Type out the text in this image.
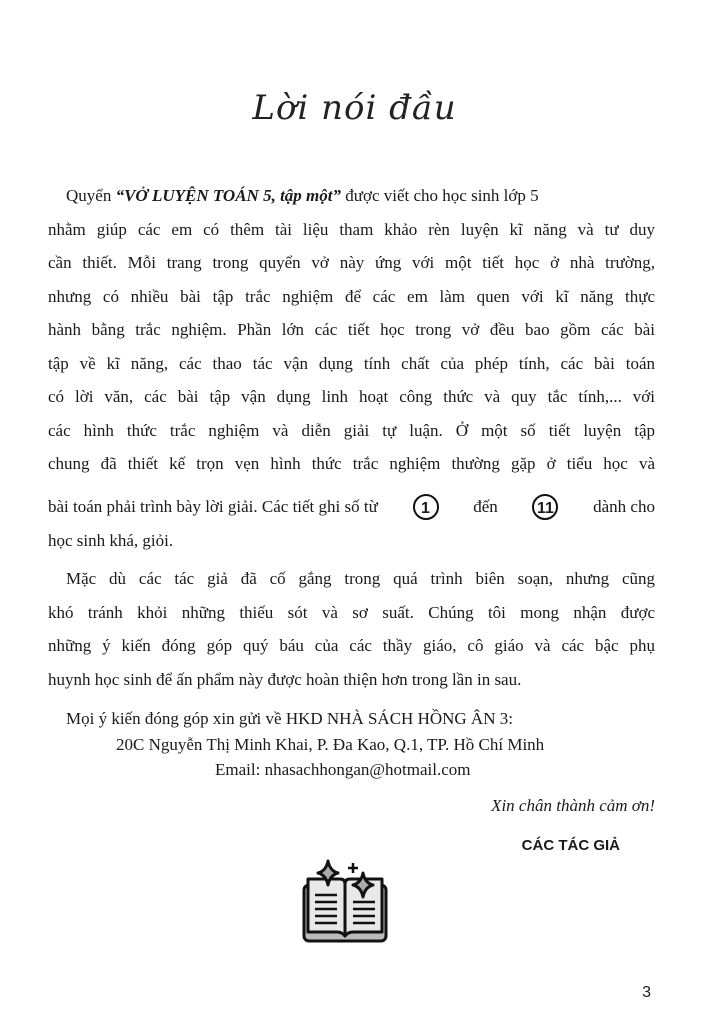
Lời nói đầu
Quyển “VỞ LUYỆN TOÁN 5, tập một” được viết cho học sinh lớp 5
nhằm giúp các em có thêm tài liệu tham khảo rèn luyện kĩ năng và tư duy
cần thiết. Mỗi trang trong quyển vở này ứng với một tiết học ở nhà trường,
nhưng có nhiều bài tập trắc nghiệm để các em làm quen với kĩ năng thực
hành bằng trắc nghiệm. Phần lớn các tiết học trong vở đều bao gồm các bài
tập về kĩ năng, các thao tác vận dụng tính chất của phép tính, các bài toán
có lời văn, các bài tập vận dụng linh hoạt công thức và quy tắc tính,... với
các hình thức trắc nghiệm và diễn giải tự luận. Ở một số tiết luyện tập
chung đã thiết kế trọn vẹn hình thức trắc nghiệm thường gặp ở tiểu học và
bài toán phải trình bày lời giải. Các tiết ghi số từ	1	đến 11 dành cho
học sinh khá, giỏi.
Mặc dù các tác giả đã cố gắng trong quá trình biên soạn, nhưng cũng
khó tránh khỏi những thiếu sót và sơ suất. Chúng tôi mong nhận được
những ý kiến đóng góp quý báu của các thầy giáo, cô giáo và các bậc phụ
huynh học sinh để ấn phẩm này được hoàn thiện hơn trong lần in sau.
Mọi ý kiến đóng góp xin gửi về HKD NHÀ SÁCH HỒNG ÂN 3:
20C Nguyễn Thị Minh Khai, P. Đa Kao, Q.1, TP. Hồ Chí Minh
Email: nhasachhongan@hotmail.com
Xin chân thành cảm ơn!
CÁC TÁC GIẢ
3
